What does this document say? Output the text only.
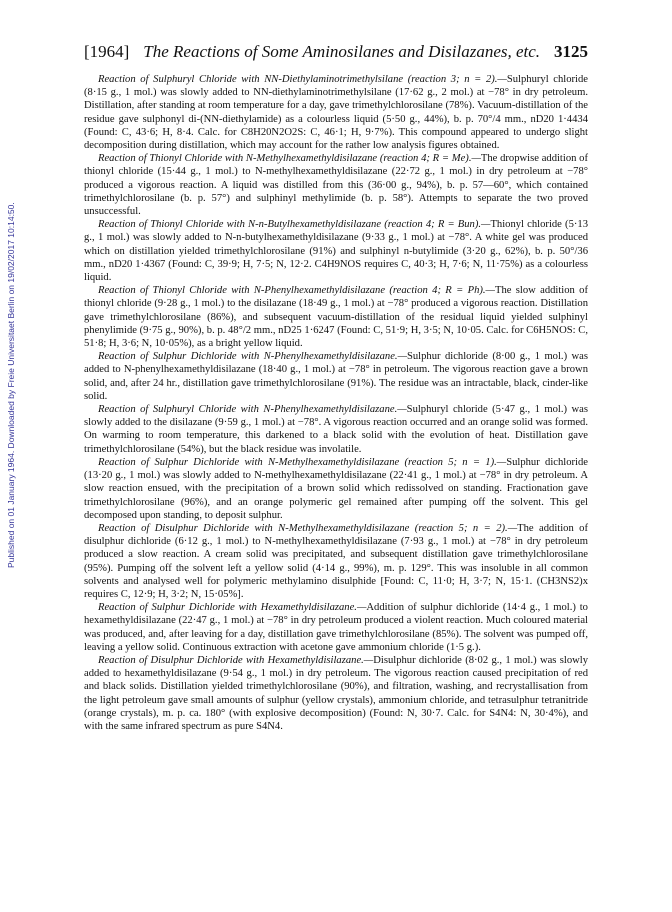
Published on 01 January 1964. Downloaded by Freie Universitaet Berlin on 19/02/2017 10:14:50.
[1964] The Reactions of Some Aminosilanes and Disilazanes, etc. 3125

Reaction of Sulphuryl Chloride with NN-Diethylaminotrimethylsilane (reaction 3; n = 2).—Sulphuryl chloride (8·15 g., 1 mol.) was slowly added to NN-diethylaminotrimethylsilane (17·62 g., 2 mol.) at −78° in dry petroleum. Distillation, after standing at room temperature for a day, gave trimethylchlorosilane (78%). Vacuum-distillation of the residue gave sulphonyl di-(NN-diethylamide) as a colourless liquid (5·50 g., 44%), b. p. 70°/4 mm., nD20 1·4434 (Found: C, 43·6; H, 8·4. Calc. for C8H20N2O2S: C, 46·1; H, 9·7%). This compound appeared to undergo slight decomposition during distillation, which may account for the rather low analysis figures obtained.

Reaction of Thionyl Chloride with N-Methylhexamethyldisilazane (reaction 4; R = Me).—The dropwise addition of thionyl chloride (15·44 g., 1 mol.) to N-methylhexamethyldisilazane (22·72 g., 1 mol.) in dry petroleum at −78° produced a vigorous reaction. A liquid was distilled from this (36·00 g., 94%), b. p. 57—60°, which contained trimethylchlorosilane (b. p. 57°) and sulphinyl methylimide (b. p. 58°). Attempts to separate the two proved unsuccessful.

Reaction of Thionyl Chloride with N-n-Butylhexamethyldisilazane (reaction 4; R = Bun).—Thionyl chloride (5·13 g., 1 mol.) was slowly added to N-n-butylhexamethyldisilazane (9·33 g., 1 mol.) at −78°. A white gel was produced which on distillation yielded trimethylchlorosilane (91%) and sulphinyl n-butylimide (3·20 g., 62%), b. p. 50°/36 mm., nD20 1·4367 (Found: C, 39·9; H, 7·5; N, 12·2. C4H9NOS requires C, 40·3; H, 7·6; N, 11·75%) as a colourless liquid.

Reaction of Thionyl Chloride with N-Phenylhexamethyldisilazane (reaction 4; R = Ph).—The slow addition of thionyl chloride (9·28 g., 1 mol.) to the disilazane (18·49 g., 1 mol.) at −78° produced a vigorous reaction. Distillation gave trimethylchlorosilane (86%), and subsequent vacuum-distillation of the residual liquid yielded sulphinyl phenylimide (9·75 g., 90%), b. p. 48°/2 mm., nD25 1·6247 (Found: C, 51·9; H, 3·5; N, 10·05. Calc. for C6H5NOS: C, 51·8; H, 3·6; N, 10·05%), as a bright yellow liquid.

Reaction of Sulphur Dichloride with N-Phenylhexamethyldisilazane.—Sulphur dichloride (8·00 g., 1 mol.) was added to N-phenylhexamethyldisilazane (18·40 g., 1 mol.) at −78° in petroleum. The vigorous reaction gave a brown solid, and, after 24 hr., distillation gave trimethylchlorosilane (91%). The residue was an intractable, black, cinder-like solid.

Reaction of Sulphuryl Chloride with N-Phenylhexamethyldisilazane.—Sulphuryl chloride (5·47 g., 1 mol.) was slowly added to the disilazane (9·59 g., 1 mol.) at −78°. A vigorous reaction occurred and an orange solid was formed. On warming to room temperature, this darkened to a black solid with the evolution of heat. Distillation gave trimethylchlorosilane (54%), but the black residue was involatile.

Reaction of Sulphur Dichloride with N-Methylhexamethyldisilazane (reaction 5; n = 1).—Sulphur dichloride (13·20 g., 1 mol.) was slowly added to N-methylhexamethyldisilazane (22·41 g., 1 mol.) at −78° in dry petroleum. A slow reaction ensued, with the precipitation of a brown solid which redissolved on standing. Fractionation gave trimethylchlorosilane (96%), and an orange polymeric gel remained after pumping off the solvent. This gel decomposed upon standing, to deposit sulphur.

Reaction of Disulphur Dichloride with N-Methylhexamethyldisilazane (reaction 5; n = 2).—The addition of disulphur dichloride (6·12 g., 1 mol.) to N-methylhexamethyldisilazane (7·93 g., 1 mol.) at −78° in dry petroleum produced a slow reaction. A cream solid was precipitated, and subsequent distillation gave trimethylchlorosilane (95%). Pumping off the solvent left a yellow solid (4·14 g., 99%), m. p. 129°. This was insoluble in all common solvents and analysed well for polymeric methylamino disulphide [Found: C, 11·0; H, 3·7; N, 15·1. (CH3NS2)x requires C, 12·9; H, 3·2; N, 15·05%].

Reaction of Sulphur Dichloride with Hexamethyldisilazane.—Addition of sulphur dichloride (14·4 g., 1 mol.) to hexamethyldisilazane (22·47 g., 1 mol.) at −78° in dry petroleum produced a violent reaction. Much coloured material was produced, and, after leaving for a day, distillation gave trimethylchlorosilane (85%). The solvent was pumped off, leaving a yellow solid. Continuous extraction with acetone gave ammonium chloride (1·5 g.).

Reaction of Disulphur Dichloride with Hexamethyldisilazane.—Disulphur dichloride (8·02 g., 1 mol.) was slowly added to hexamethyldisilazane (9·54 g., 1 mol.) in dry petroleum. The vigorous reaction caused precipitation of red and black solids. Distillation yielded trimethylchlorosilane (90%), and filtration, washing, and recrystallisation from the light petroleum gave small amounts of sulphur (yellow crystals), ammonium chloride, and tetrasulphur tetranitride (orange crystals), m. p. ca. 180° (with explosive decomposition) (Found: N, 30·7. Calc. for S4N4: N, 30·4%), and with the same infrared spectrum as pure S4N4.
